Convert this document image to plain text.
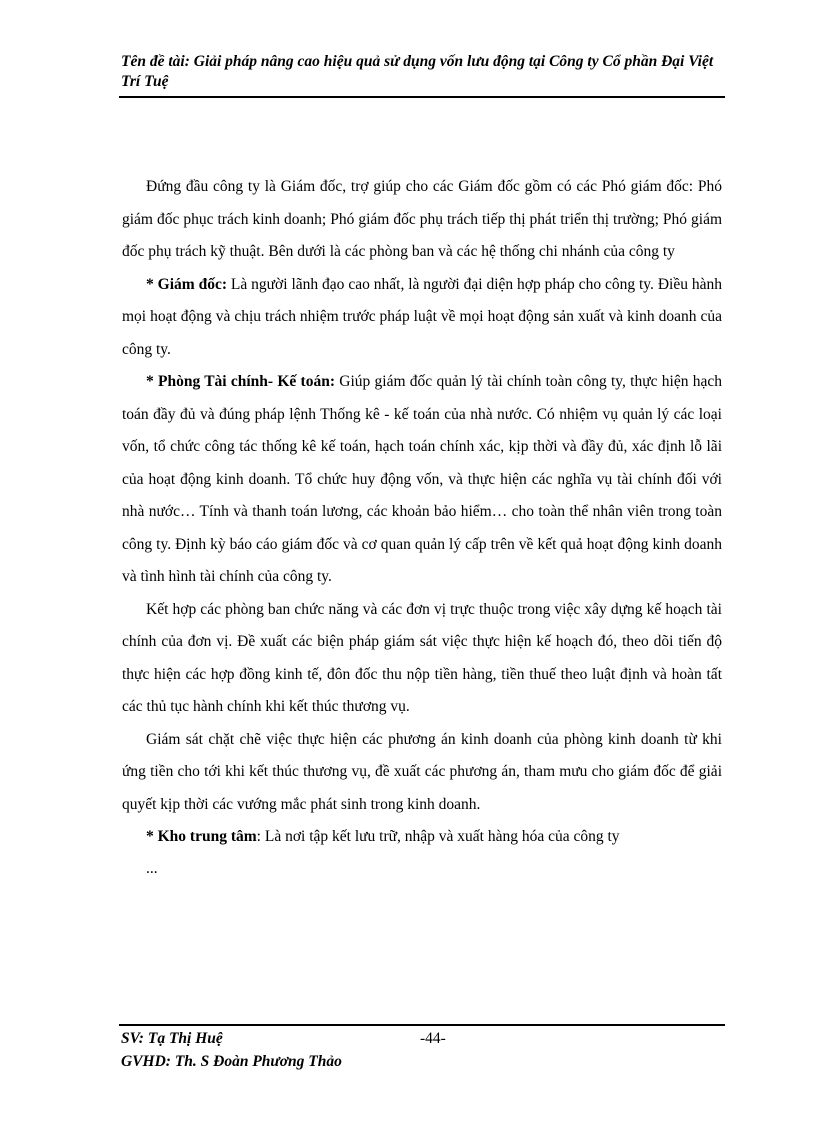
Tên đề tài: Giải pháp nâng cao hiệu quả sử dụng vốn lưu động tại Công ty Cổ phần Đại Việt Trí Tuệ

Đứng đầu công ty là Giám đốc, trợ giúp cho các Giám đốc gồm có các Phó giám đốc: Phó giám đốc phục trách kinh doanh; Phó giám đốc phụ trách tiếp thị phát triển thị trường; Phó giám đốc phụ trách kỹ thuật. Bên dưới là các phòng ban và các hệ thống chi nhánh của công ty

* Giám đốc: Là người lãnh đạo cao nhất, là người đại diện hợp pháp cho công ty. Điều hành mọi hoạt động và chịu trách nhiệm trước pháp luật về mọi hoạt động sản xuất và kinh doanh của công ty.

* Phòng Tài chính- Kế toán: Giúp giám đốc quản lý tài chính toàn công ty, thực hiện hạch toán đầy đủ và đúng pháp lệnh Thống kê - kế toán của nhà nước. Có nhiệm vụ quản lý các loại vốn, tổ chức công tác thống kê kế toán, hạch toán chính xác, kịp thời và đầy đủ, xác định lỗ lãi của hoạt động kinh doanh. Tổ chức huy động vốn, và thực hiện các nghĩa vụ tài chính đối với nhà nước… Tính và thanh toán lương, các khoản bảo hiểm… cho toàn thể nhân viên trong toàn công ty. Định kỳ báo cáo giám đốc và cơ quan quản lý cấp trên về kết quả hoạt động kinh doanh và tình hình tài chính của công ty.

Kết hợp các phòng ban chức năng và các đơn vị trực thuộc trong việc xây dựng kế hoạch tài chính của đơn vị. Đề xuất các biện pháp giám sát việc thực hiện kế hoạch đó, theo dõi tiến độ thực hiện các hợp đồng kinh tế, đôn đốc thu nộp tiền hàng, tiền thuế theo luật định và hoàn tất các thủ tục hành chính khi kết thúc thương vụ.

Giám sát chặt chẽ việc thực hiện các phương án kinh doanh của phòng kinh doanh từ khi ứng tiền cho tới khi kết thúc thương vụ, đề xuất các phương án, tham mưu cho giám đốc để giải quyết kịp thời các vướng mắc phát sinh trong kinh doanh.

* Kho trung tâm: Là nơi tập kết lưu trữ, nhập và xuất hàng hóa của công ty

...

SV: Tạ Thị Huệ	-44-
GVHD: Th. S Đoàn Phương Thảo
